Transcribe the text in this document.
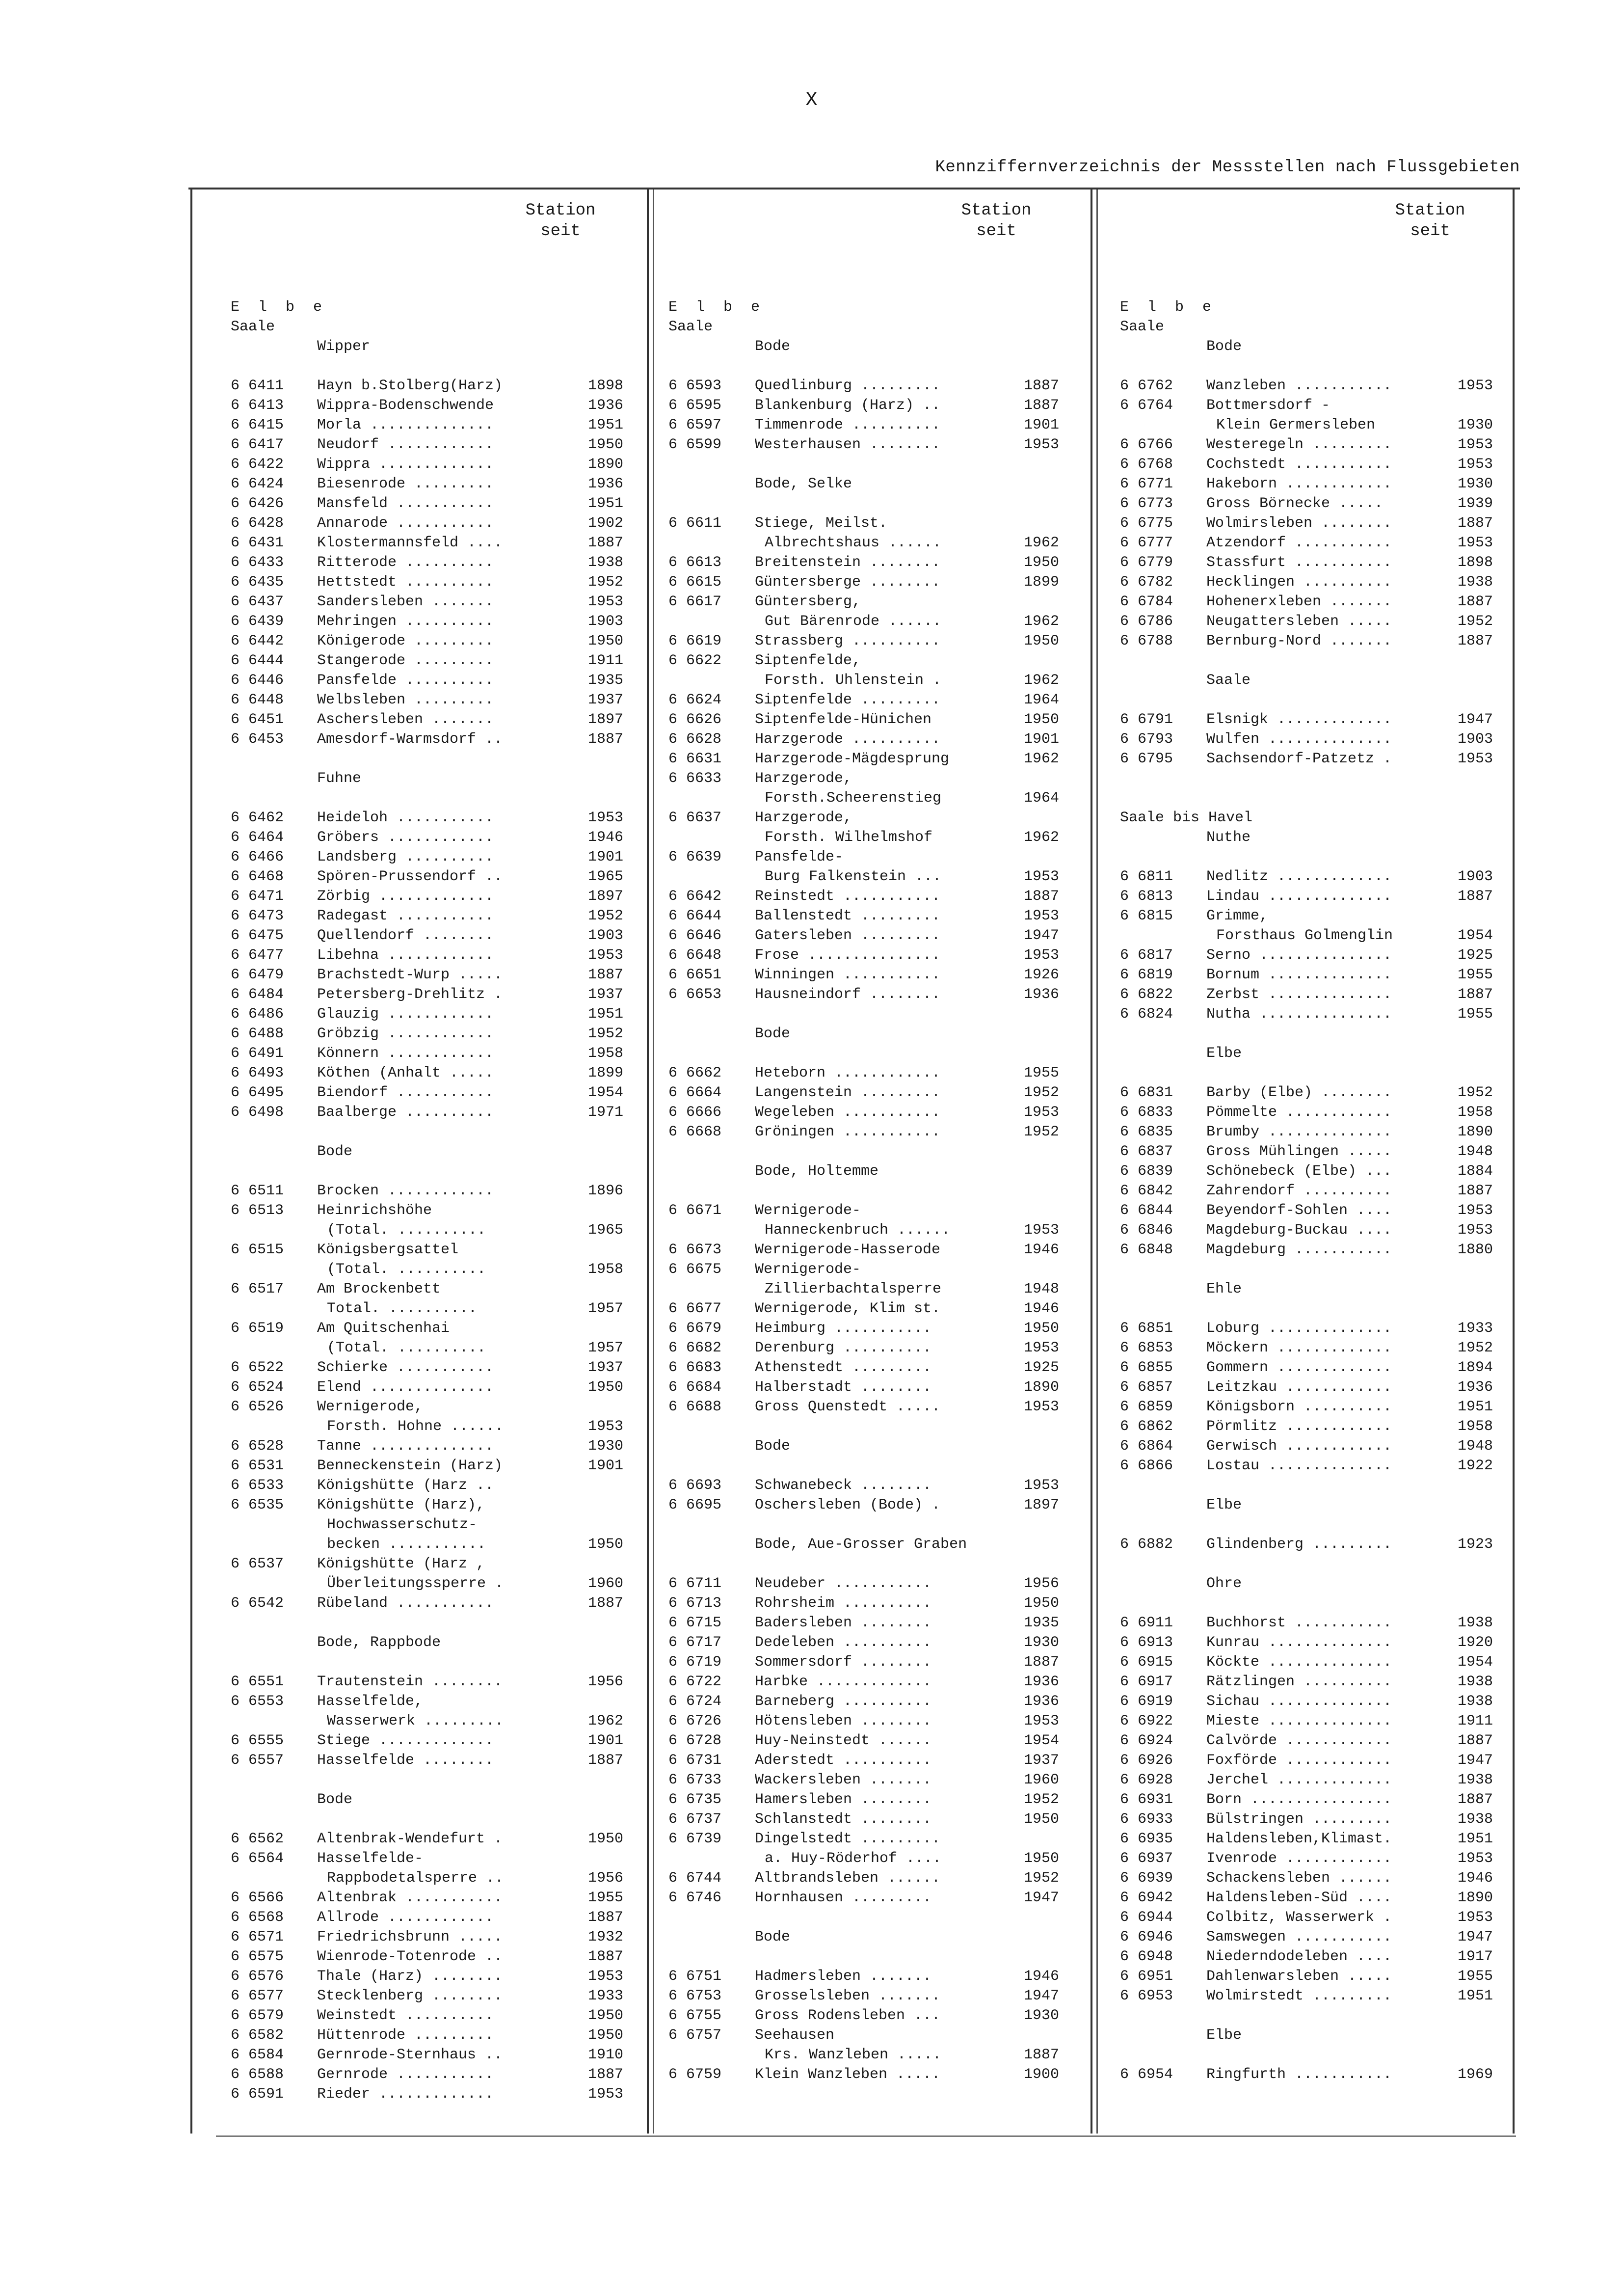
X
Kennziffernverzeichnis der Messstellen nach Flussgebieten
Station
seit
E l b e
Saale
Wipper
6 6411 Hayn b.Stolberg(Harz)	1898
6 6413 Wippra-Bodenschwende	1936
6 6415 Morla ..............	1951
6 6417 Neudorf ............	1950
6 6422 Wippra .............	1890
6 6424 Biesenrode .........	1936
6 6426 Mansfeld ...........	1951
6 6428 Annarode ...........	1902
6 6431 Klostermannsfeld ....	1887
6 6433 Ritterode ..........	1938
6 6435 Hettstedt ..........	1952
6 6437 Sandersleben .......	1953
6 6439 Mehringen ..........	1903
6 6442 Königerode .........	1950
6 6444 Stangerode .........	1911
6 6446 Pansfelde ..........	1935
6 6448 Welbsleben .........	1937
6 6451 Aschersleben .......	1897
6 6453 Amesdorf-Warmsdorf ..	1887
Fuhne
6 6462 Heideloh ...........	1953
6 6464 Gröbers ............	1946
6 6466 Landsberg ..........	1901
6 6468 Spören-Prussendorf ..	1965
6 6471 Zörbig .............	1897
6 6473 Radegast ...........	1952
6 6475 Quellendorf ........	1903
6 6477 Libehna ............	1953
6 6479 Brachstedt-Wurp .....	1887
6 6484 Petersberg-Drehlitz .	1937
6 6486 Glauzig ............	1951
6 6488 Gröbzig ............	1952
6 6491 Könnern ............	1958
6 6493 Köthen (Anhalt .....	1899
6 6495 Biendorf ...........	1954
6 6498 Baalberge ..........	1971
Bode
6 6511 Brocken ............	1896
6 6513 Heinrichshöhe
(Total. ..........	1965
6 6515 Königsbergsattel
(Total. ..........	1958
6 6517 Am Brockenbett
Total. ..........	1957
6 6519 Am Quitschenhai
(Total. ..........	1957
6 6522 Schierke ...........	1937
6 6524 Elend ..............	1950
6 6526 Wernigerode,
Forsth. Hohne ......	1953
6 6528 Tanne ..............	1930
6 6531 Benneckenstein (Harz)	1901
6 6533 Königshütte (Harz ..
6 6535 Königshütte (Harz),
Hochwasserschutz-
becken ...........	1950
6 6537 Königshütte (Harz ,
Überleitungssperre .	1960
6 6542 Rübeland ...........	1887
Bode, Rappbode
6 6551 Trautenstein ........	1956
6 6553 Hasselfelde,
Wasserwerk .........	1962
6 6555 Stiege .............	1901
6 6557 Hasselfelde ........	1887
Bode
6 6562 Altenbrak-Wendefurt .	1950
6 6564 Hasselfelde-
Rappbodetalsperre ..	1956
6 6566 Altenbrak ...........	1955
6 6568 Allrode ............	1887
6 6571 Friedrichsbrunn .....	1932
6 6575 Wienrode-Totenrode ..	1887
6 6576 Thale (Harz) ........	1953
6 6577 Stecklenberg ........	1933
6 6579 Weinstedt ..........	1950
6 6582 Hüttenrode .........	1950
6 6584 Gernrode-Sternhaus ..	1910
6 6588 Gernrode ...........	1887
6 6591 Rieder .............	1953
Station
seit
E l b e
Saale
Bode
6 6593 Quedlinburg .........	1887
6 6595 Blankenburg (Harz) ..	1887
6 6597 Timmenrode ..........	1901
6 6599 Westerhausen ........	1953
Bode, Selke
6 6611 Stiege, Meilst.
Albrechtshaus ......	1962
6 6613 Breitenstein ........	1950
6 6615 Güntersberge ........	1899
6 6617 Güntersberg,
Gut Bärenrode ......	1962
6 6619 Strassberg ..........	1950
6 6622 Siptenfelde,
Forsth. Uhlenstein .	1962
6 6624 Siptenfelde .........	1964
6 6626 Siptenfelde-Hünichen	1950
6 6628 Harzgerode ..........	1901
6 6631 Harzgerode-Mägdesprung	1962
6 6633 Harzgerode,
Forsth.Scheerenstieg	1964
6 6637 Harzgerode,
Forsth. Wilhelmshof	1962
6 6639 Pansfelde-
Burg Falkenstein ...	1953
6 6642 Reinstedt ...........	1887
6 6644 Ballenstedt .........	1953
6 6646 Gatersleben .........	1947
6 6648 Frose ...............	1953
6 6651 Winningen ...........	1926
6 6653 Hausneindorf ........	1936
Bode
6 6662 Heteborn ............	1955
6 6664 Langenstein .........	1952
6 6666 Wegeleben ...........	1953
6 6668 Gröningen ...........	1952
Bode, Holtemme
6 6671 Wernigerode-
Hanneckenbruch ......	1953
6 6673 Wernigerode-Hasserode	1946
6 6675 Wernigerode-
Zillierbachtalsperre	1948
6 6677 Wernigerode, Klim st.	1946
6 6679 Heimburg ...........	1950
6 6682 Derenburg ..........	1953
6 6683 Athenstedt .........	1925
6 6684 Halberstadt ........	1890
6 6688 Gross Quenstedt .....	1953
Bode
6 6693 Schwanebeck ........	1953
6 6695 Oschersleben (Bode) .	1897
Bode, Aue-Grosser Graben
6 6711 Neudeber ...........	1956
6 6713 Rohrsheim ..........	1950
6 6715 Badersleben ........	1935
6 6717 Dedeleben ..........	1930
6 6719 Sommersdorf ........	1887
6 6722 Harbke .............	1936
6 6724 Barneberg ..........	1936
6 6726 Hötensleben ........	1953
6 6728 Huy-Neinstedt ......	1954
6 6731 Aderstedt ..........	1937
6 6733 Wackersleben .......	1960
6 6735 Hamersleben ........	1952
6 6737 Schlanstedt ........	1950
6 6739 Dingelstedt .........
a. Huy-Röderhof ....	1950
6 6744 Altbrandsleben ......	1952
6 6746 Hornhausen .........	1947
Bode
6 6751 Hadmersleben .......	1946
6 6753 Grosselsleben .......	1947
6 6755 Gross Rodensleben ...	1930
6 6757 Seehausen
Krs. Wanzleben .....	1887
6 6759 Klein Wanzleben .....	1900
Station
seit
E l b e
Saale
Bode
6 6762 Wanzleben ...........	1953
6 6764 Bottmersdorf -
Klein Germersleben	1930
6 6766 Westeregeln .........	1953
6 6768 Cochstedt ...........	1953
6 6771 Hakeborn ............	1930
6 6773 Gross Börnecke .....	1939
6 6775 Wolmirsleben ........	1887
6 6777 Atzendorf ...........	1953
6 6779 Stassfurt ...........	1898
6 6782 Hecklingen ..........	1938
6 6784 Hohenerxleben .......	1887
6 6786 Neugattersleben .....	1952
6 6788 Bernburg-Nord .......	1887
Saale
6 6791 Elsnigk .............	1947
6 6793 Wulfen ..............	1903
6 6795 Sachsendorf-Patzetz .	1953
Saale bis Havel
Nuthe
6 6811 Nedlitz .............	1903
6 6813 Lindau ..............	1887
6 6815 Grimme,
Forsthaus Golmenglin	1954
6 6817 Serno ...............	1925
6 6819 Bornum ..............	1955
6 6822 Zerbst ..............	1887
6 6824 Nutha ...............	1955
Elbe
6 6831 Barby (Elbe) ........	1952
6 6833 Pömmelte ............	1958
6 6835 Brumby ..............	1890
6 6837 Gross Mühlingen .....	1948
6 6839 Schönebeck (Elbe) ...	1884
6 6842 Zahrendorf ..........	1887
6 6844 Beyendorf-Sohlen ....	1953
6 6846 Magdeburg-Buckau ....	1953
6 6848 Magdeburg ...........	1880
Ehle
6 6851 Loburg ..............	1933
6 6853 Möckern .............	1952
6 6855 Gommern .............	1894
6 6857 Leitzkau ............	1936
6 6859 Königsborn ..........	1951
6 6862 Pörmlitz ............	1958
6 6864 Gerwisch ............	1948
6 6866 Lostau ..............	1922
Elbe
6 6882 Glindenberg .........	1923
Ohre
6 6911 Buchhorst ...........	1938
6 6913 Kunrau ..............	1920
6 6915 Köckte ..............	1954
6 6917 Rätzlingen ..........	1938
6 6919 Sichau ..............	1938
6 6922 Mieste ..............	1911
6 6924 Calvörde ............	1887
6 6926 Foxförde ............	1947
6 6928 Jerchel .............	1938
6 6931 Born ................	1887
6 6933 Bülstringen .........	1938
6 6935 Haldensleben,Klimast.	1951
6 6937 Ivenrode ............	1953
6 6939 Schackensleben ......	1946
6 6942 Haldensleben-Süd ....	1890
6 6944 Colbitz, Wasserwerk .	1953
6 6946 Samswegen ...........	1947
6 6948 Niederndodeleben ....	1917
6 6951 Dahlenwarsleben .....	1955
6 6953 Wolmirstedt .........	1951
Elbe
6 6954 Ringfurth ...........	1969
